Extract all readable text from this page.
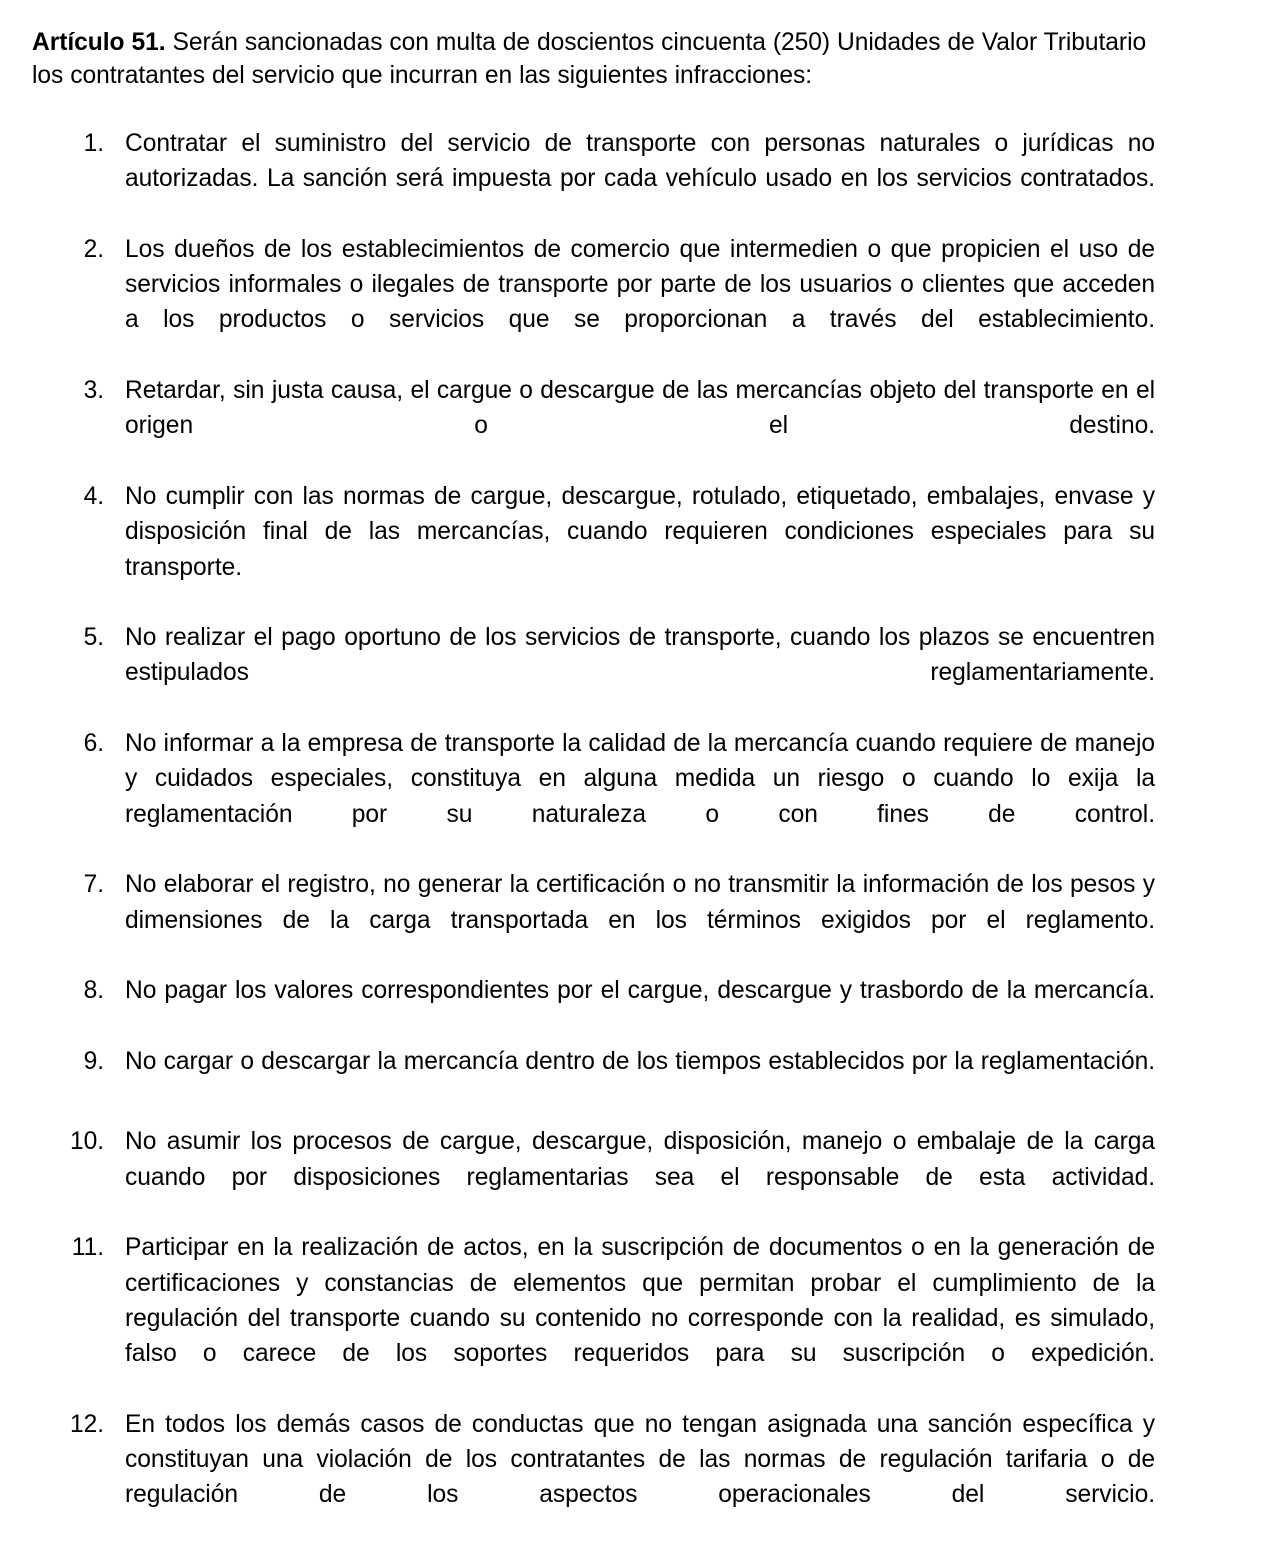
Artículo 51. Serán sancionadas con multa de doscientos cincuenta (250) Unidades de Valor Tributario los contratantes del servicio que incurran en las siguientes infracciones:

1. Contratar el suministro del servicio de transporte con personas naturales o jurídicas no autorizadas. La sanción será impuesta por cada vehículo usado en los servicios contratados.
2. Los dueños de los establecimientos de comercio que intermedien o que propicien el uso de servicios informales o ilegales de transporte por parte de los usuarios o clientes que acceden a los productos o servicios que se proporcionan a través del establecimiento.
3. Retardar, sin justa causa, el cargue o descargue de las mercancías objeto del transporte en el origen o el destino.
4. No cumplir con las normas de cargue, descargue, rotulado, etiquetado, embalajes, envase y disposición final de las mercancías, cuando requieren condiciones especiales para su transporte.
5. No realizar el pago oportuno de los servicios de transporte, cuando los plazos se encuentren estipulados reglamentariamente.
6. No informar a la empresa de transporte la calidad de la mercancía cuando requiere de manejo y cuidados especiales, constituya en alguna medida un riesgo o cuando lo exija la reglamentación por su naturaleza o con fines de control.
7. No elaborar el registro, no generar la certificación o no transmitir la información de los pesos y dimensiones de la carga transportada en los términos exigidos por el reglamento.
8. No pagar los valores correspondientes por el cargue, descargue y trasbordo de la mercancía.
9. No cargar o descargar la mercancía dentro de los tiempos establecidos por la reglamentación.
10. No asumir los procesos de cargue, descargue, disposición, manejo o embalaje de la carga cuando por disposiciones reglamentarias sea el responsable de esta actividad.
11. Participar en la realización de actos, en la suscripción de documentos o en la generación de certificaciones y constancias de elementos que permitan probar el cumplimiento de la regulación del transporte cuando su contenido no corresponde con la realidad, es simulado, falso o carece de los soportes requeridos para su suscripción o expedición.
12. En todos los demás casos de conductas que no tengan asignada una sanción específica y constituyan una violación de los contratantes de las normas de regulación tarifaria o de regulación de los aspectos operacionales del servicio.
